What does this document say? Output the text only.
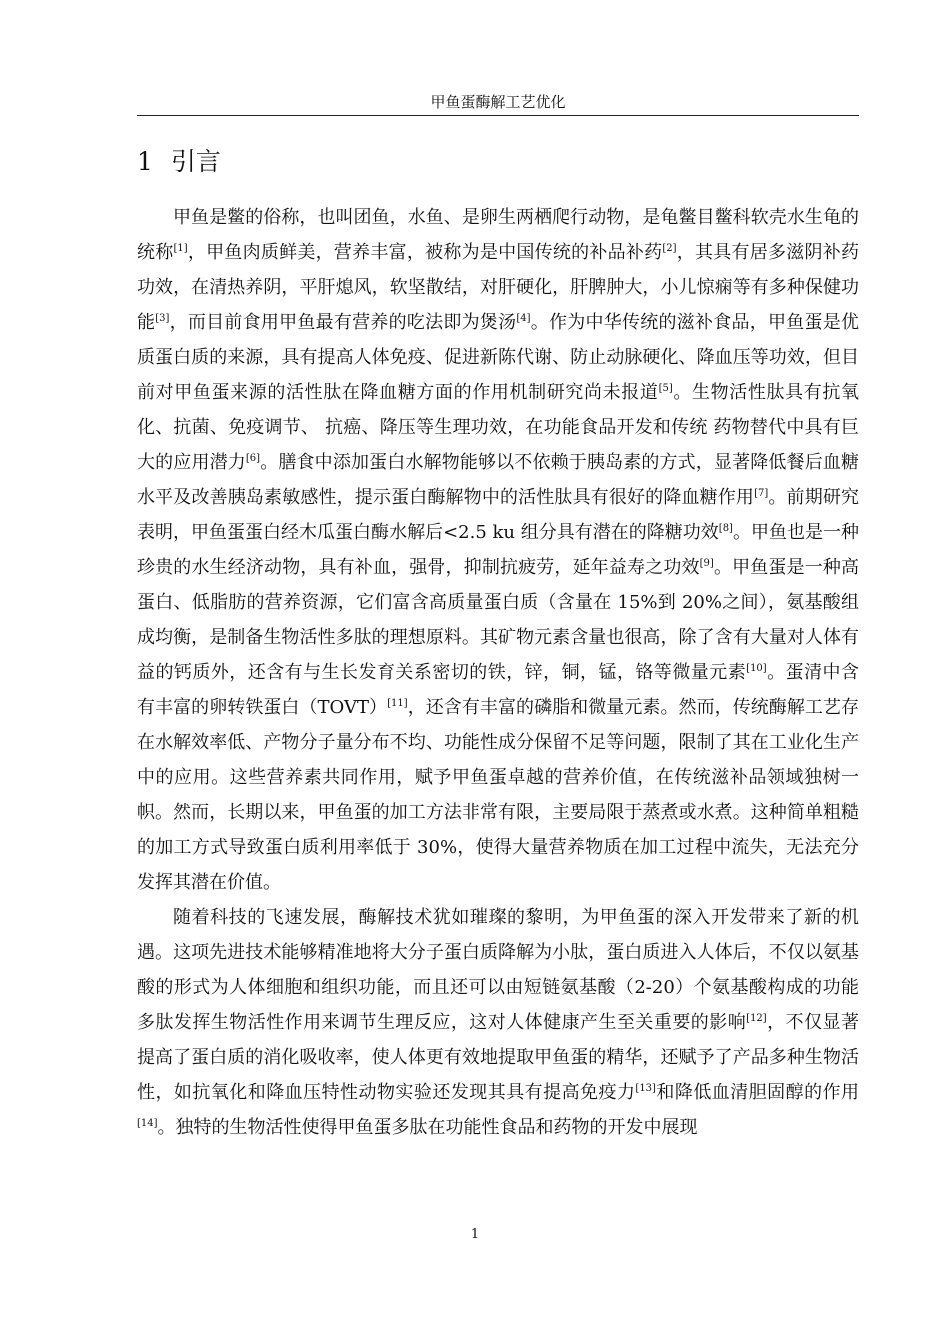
甲鱼蛋酶解工艺优化
1 引言

甲鱼是鳖的俗称，也叫团鱼，水鱼、是卵生两栖爬行动物，是龟鳖目鳖科软壳水生龟的统称[1]，甲鱼肉质鲜美，营养丰富，被称为是中国传统的补品补药[2]，其具有居多滋阴补药功效，在清热养阴，平肝熄风，软坚散结，对肝硬化，肝脾肿大，小儿惊痫等有多种保健功能[3]，而目前食用甲鱼最有营养的吃法即为煲汤[4]。作为中华传统的滋补食品，甲鱼蛋是优质蛋白质的来源，具有提高人体免疫、促进新陈代谢、防止动脉硬化、降血压等功效，但目前对甲鱼蛋来源的活性肽在降血糖方面的作用机制研究尚未报道[5]。生物活性肽具有抗氧化、抗菌、免疫调节、 抗癌、降压等生理功效，在功能食品开发和传统 药物替代中具有巨大的应用潜力[6]。膳食中添加蛋白水解物能够以不依赖于胰岛素的方式，显著降低餐后血糖水平及改善胰岛素敏感性，提示蛋白酶解物中的活性肽具有很好的降血糖作用[7]。前期研究表明，甲鱼蛋蛋白经木瓜蛋白酶水解后<2.5 ku 组分具有潜在的降糖功效[8]。甲鱼也是一种珍贵的水生经济动物，具有补血，强骨，抑制抗疲劳，延年益寿之功效[9]。甲鱼蛋是一种高蛋白、低脂肪的营养资源，它们富含高质量蛋白质（含量在 15%到 20%之间），氨基酸组成均衡，是制备生物活性多肽的理想原料。其矿物元素含量也很高，除了含有大量对人体有益的钙质外，还含有与生长发育关系密切的铁，锌，铜，锰，铬等微量元素[10]。蛋清中含有丰富的卵转铁蛋白（TOVT）[11]，还含有丰富的磷脂和微量元素。然而，传统酶解工艺存在水解效率低、产物分子量分布不均、功能性成分保留不足等问题，限制了其在工业化生产中的应用。这些营养素共同作用，赋予甲鱼蛋卓越的营养价值，在传统滋补品领域独树一帜。然而，长期以来，甲鱼蛋的加工方法非常有限，主要局限于蒸煮或水煮。这种简单粗糙的加工方式导致蛋白质利用率低于 30%，使得大量营养物质在加工过程中流失，无法充分发挥其潜在价值。

随着科技的飞速发展，酶解技术犹如璀璨的黎明，为甲鱼蛋的深入开发带来了新的机遇。这项先进技术能够精准地将大分子蛋白质降解为小肽，蛋白质进入人体后，不仅以氨基酸的形式为人体细胞和组织功能，而且还可以由短链氨基酸（2-20）个氨基酸构成的功能多肽发挥生物活性作用来调节生理反应，这对人体健康产生至关重要的影响[12]，不仅显著提高了蛋白质的消化吸收率，使人体更有效地提取甲鱼蛋的精华，还赋予了产品多种生物活性，如抗氧化和降血压特性动物实验还发现其具有提高免疫力[13]和降低血清胆固醇的作用[14]。独特的生物活性使得甲鱼蛋多肽在功能性食品和药物的开发中展现

1
